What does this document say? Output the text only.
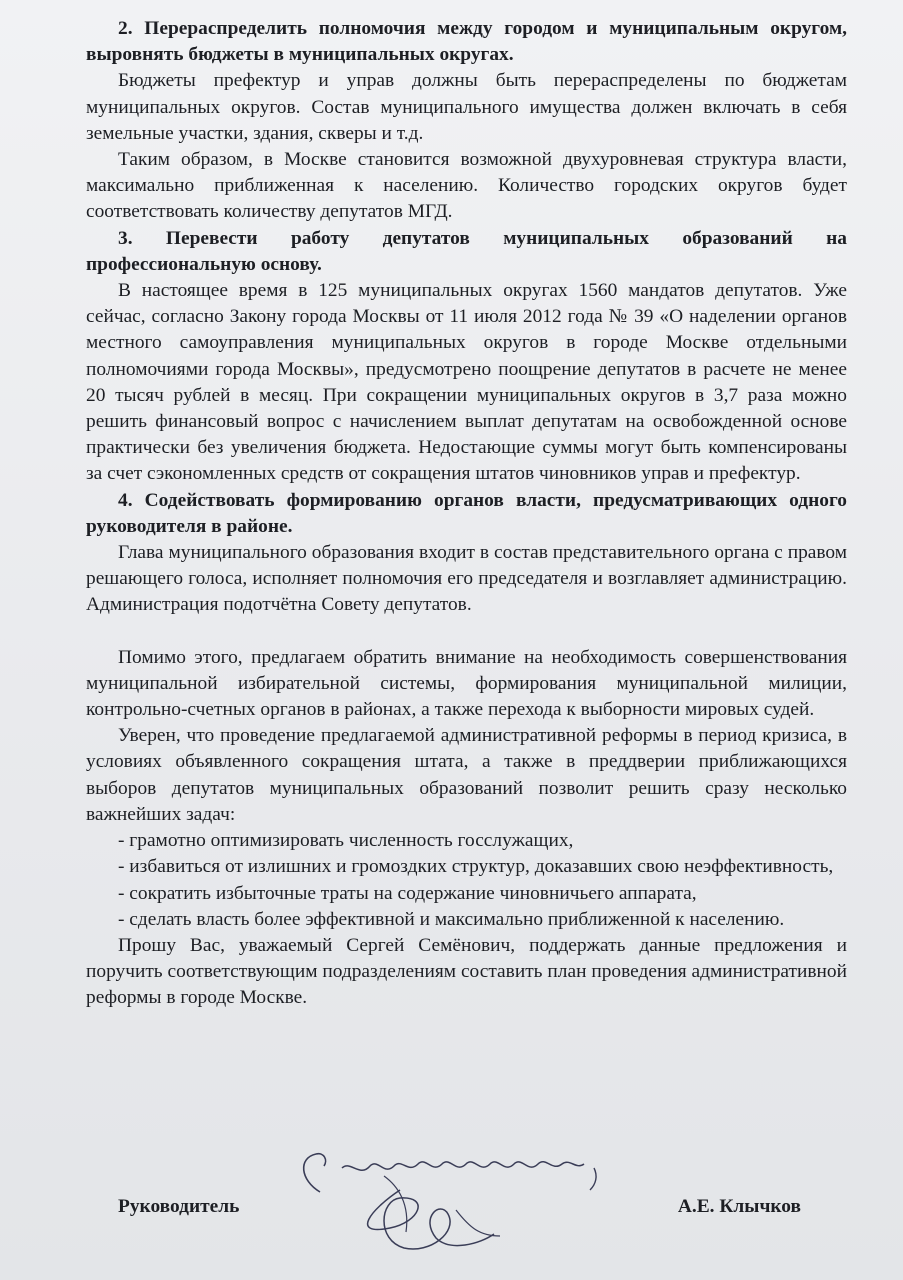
2. Перераспределить полномочия между городом и муниципальным округом, выровнять бюджеты в муниципальных округах.

Бюджеты префектур и управ должны быть перераспределены по бюджетам муниципальных округов. Состав муниципального имущества должен включать в себя земельные участки, здания, скверы и т.д.

Таким образом, в Москве становится возможной двухуровневая структура власти, максимально приближенная к населению. Количество городских округов будет соответствовать количеству депутатов МГД.

3. Перевести работу депутатов муниципальных образований на профессиональную основу.

В настоящее время в 125 муниципальных округах 1560 мандатов депутатов. Уже сейчас, согласно Закону города Москвы от 11 июля 2012 года № 39 «О наделении органов местного самоуправления муниципальных округов в городе Москве отдельными полномочиями города Москвы», предусмотрено поощрение депутатов в расчете не менее 20 тысяч рублей в месяц. При сокращении муниципальных округов в 3,7 раза можно решить финансовый вопрос с начислением выплат депутатам на освобожденной основе практически без увеличения бюджета. Недостающие суммы могут быть компенсированы за счет сэкономленных средств от сокращения штатов чиновников управ и префектур.

4. Содействовать формированию органов власти, предусматривающих одного руководителя в районе.

Глава муниципального образования входит в состав представительного органа с правом решающего голоса, исполняет полномочия его председателя и возглавляет администрацию. Администрация подотчётна Совету депутатов.

Помимо этого, предлагаем обратить внимание на необходимость совершенствования муниципальной избирательной системы, формирования муниципальной милиции, контрольно-счетных органов в районах, а также перехода к выборности мировых судей.

Уверен, что проведение предлагаемой административной реформы в период кризиса, в условиях объявленного сокращения штата, а также в преддверии приближающихся выборов депутатов муниципальных образований позволит решить сразу несколько важнейших задач:

- грамотно оптимизировать численность госслужащих,

- избавиться от излишних и громоздких структур, доказавших свою неэффективность,

- сократить избыточные траты на содержание чиновничьего аппарата,

- сделать власть более эффективной и максимально приближенной к населению.

Прошу Вас, уважаемый Сергей Семёнович, поддержать данные предложения и поручить соответствующим подразделениям составить план проведения административной реформы в городе Москве.

Руководитель	А.Е. Клычков
